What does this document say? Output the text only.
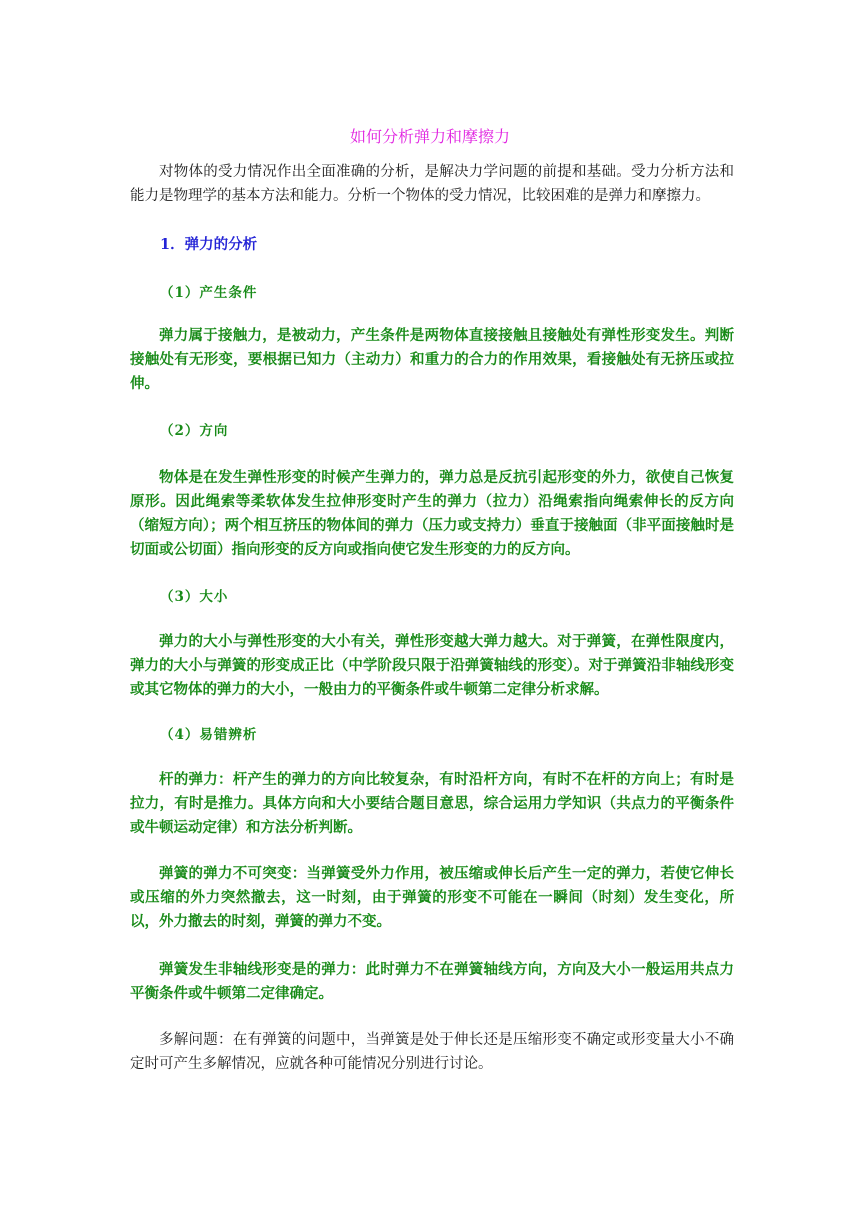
如何分析弹力和摩擦力

对物体的受力情况作出全面准确的分析，是解决力学问题的前提和基础。受力分析方法和能力是物理学的基本方法和能力。分析一个物体的受力情况，比较困难的是弹力和摩擦力。

1．弹力的分析
（1）产生条件

弹力属于接触力，是被动力，产生条件是两物体直接接触且接触处有弹性形变发生。判断接触处有无形变，要根据已知力（主动力）和重力的合力的作用效果，看接触处有无挤压或拉伸。

（2）方向

物体是在发生弹性形变的时候产生弹力的，弹力总是反抗引起形变的外力，欲使自己恢复原形。因此绳索等柔软体发生拉伸形变时产生的弹力（拉力）沿绳索指向绳索伸长的反方向（缩短方向）；两个相互挤压的物体间的弹力（压力或支持力）垂直于接触面（非平面接触时是切面或公切面）指向形变的反方向或指向使它发生形变的力的反方向。

（3）大小

弹力的大小与弹性形变的大小有关，弹性形变越大弹力越大。对于弹簧，在弹性限度内，弹力的大小与弹簧的形变成正比（中学阶段只限于沿弹簧轴线的形变）。对于弹簧沿非轴线形变或其它物体的弹力的大小，一般由力的平衡条件或牛顿第二定律分析求解。

（4）易错辨析

杆的弹力：杆产生的弹力的方向比较复杂，有时沿杆方向，有时不在杆的方向上；有时是拉力，有时是推力。具体方向和大小要结合题目意思，综合运用力学知识（共点力的平衡条件或牛顿运动定律）和方法分析判断。

弹簧的弹力不可突变：当弹簧受外力作用，被压缩或伸长后产生一定的弹力，若使它伸长或压缩的外力突然撤去，这一时刻，由于弹簧的形变不可能在一瞬间（时刻）发生变化，所以，外力撤去的时刻，弹簧的弹力不变。

弹簧发生非轴线形变是的弹力：此时弹力不在弹簧轴线方向，方向及大小一般运用共点力平衡条件或牛顿第二定律确定。

多解问题：在有弹簧的问题中，当弹簧是处于伸长还是压缩形变不确定或形变量大小不确定时可产生多解情况，应就各种可能情况分别进行讨论。
